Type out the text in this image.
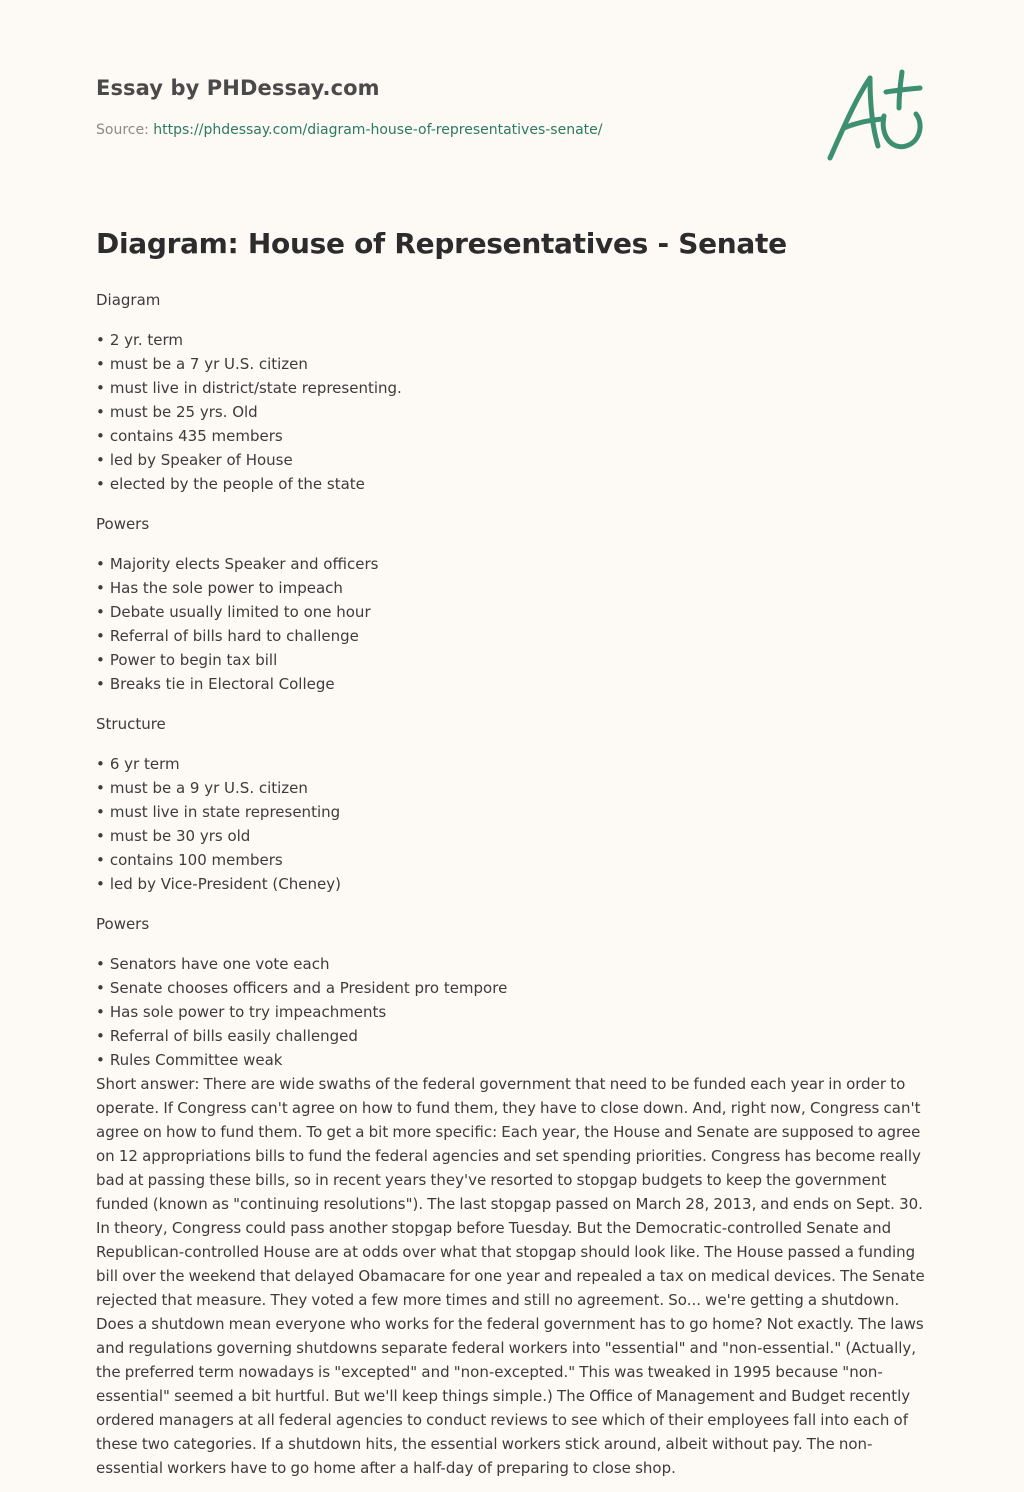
Essay by PHDessay.com
Source: https://phdessay.com/diagram-house-of-representatives-senate/
Diagram: House of Representatives - Senate

Diagram

• 2 yr. term
• must be a 7 yr U.S. citizen
• must live in district/state representing.
• must be 25 yrs. Old
• contains 435 members
• led by Speaker of House
• elected by the people of the state

Powers

• Majority elects Speaker and officers
• Has the sole power to impeach
• Debate usually limited to one hour
• Referral of bills hard to challenge
• Power to begin tax bill
• Breaks tie in Electoral College

Structure

• 6 yr term
• must be a 9 yr U.S. citizen
• must live in state representing
• must be 30 yrs old
• contains 100 members
• led by Vice-President (Cheney)

Powers

• Senators have one vote each
• Senate chooses officers and a President pro tempore
• Has sole power to try impeachments
• Referral of bills easily challenged
• Rules Committee weak

Short answer: There are wide swaths of the federal government that need to be funded each year in order to operate. If Congress can't agree on how to fund them, they have to close down. And, right now, Congress can't agree on how to fund them. To get a bit more specific: Each year, the House and Senate are supposed to agree on 12 appropriations bills to fund the federal agencies and set spending priorities. Congress has become really bad at passing these bills, so in recent years they've resorted to stopgap budgets to keep the government funded (known as "continuing resolutions"). The last stopgap passed on March 28, 2013, and ends on Sept. 30. In theory, Congress could pass another stopgap before Tuesday. But the Democratic-controlled Senate and Republican-controlled House are at odds over what that stopgap should look like. The House passed a funding bill over the weekend that delayed Obamacare for one year and repealed a tax on medical devices. The Senate rejected that measure. They voted a few more times and still no agreement. So... we're getting a shutdown. Does a shutdown mean everyone who works for the federal government has to go home? Not exactly. The laws and regulations governing shutdowns separate federal workers into "essential" and "non-essential." (Actually, the preferred term nowadays is "excepted" and "non-excepted." This was tweaked in 1995 because "non-essential" seemed a bit hurtful. But we'll keep things simple.) The Office of Management and Budget recently ordered managers at all federal agencies to conduct reviews to see which of their employees fall into each of these two categories. If a shutdown hits, the essential workers stick around, albeit without pay. The non-essential workers have to go home after a half-day of preparing to close shop.
